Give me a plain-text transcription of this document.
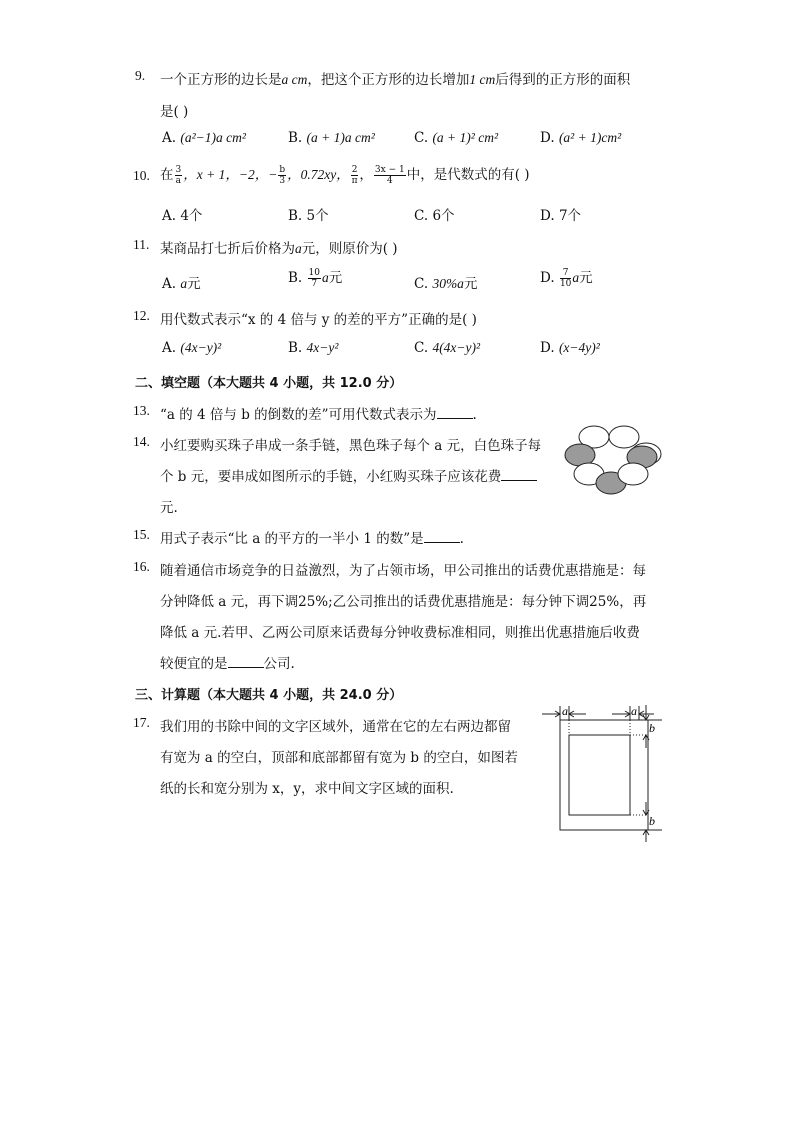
9. 一个正方形的边长是a cm，把这个正方形的边长增加1 cm后得到的正方形的面积
是( )
A. (a²−1)a cm²	B. (a + 1)a cm²	C. (a + 1)² cm²	D. (a² + 1)cm²
10. 在 $\frac{3}{a}$ ，x + 1，−2，− $\frac{b}{3}$ ，0.72xy， $\frac{2}{\pi}$ ， $\frac{3x - 1}{4}$ 中，是代数式的有( )
A. 4个	B. 5个	C. 6个	D. 7个
11. 某商品打七折后价格为a元，则原价为( )
A. a元	B. $\frac{10}{7}$ a元	C. 30%a元	D. $\frac{7}{10}$ a元
12. 用代数式表示“x 的 4 倍与 y 的差的平方”正确的是( )
A. (4x−y)²	B. 4x−y²	C. 4(4x−y)²	D. (x−4y)²
二、填空题（本大题共 4 小题，共 12.0 分）
13. “a 的 4 倍与 b 的倒数的差”可用代数式表示为	.
14. 小红要购买珠子串成一条手链，黑色珠子每个 a 元，白色珠子每
个 b 元，要串成如图所示的手链，小红购买珠子应该花费
元.
15. 用式子表示“比 a 的平方的一半小 1 的数”是	.
16. 随着通信市场竞争的日益激烈，为了占领市场，甲公司推出的话费优惠措施是：每
分钟降低 a 元，再下调25%;乙公司推出的话费优惠措施是：每分钟下调25%，再
降低 a 元.若甲、乙两公司原来话费每分钟收费标准相同，则推出优惠措施后收费
较便宜的是	公司.
三、计算题（本大题共 4 小题，共 24.0 分）
17. 我们用的书除中间的文字区域外，通常在它的左右两边都留
有宽为 a 的空白，顶部和底部都留有宽为 b 的空白，如图若
纸的长和宽分别为 x，y，求中间文字区域的面积.
a	a
b
b
